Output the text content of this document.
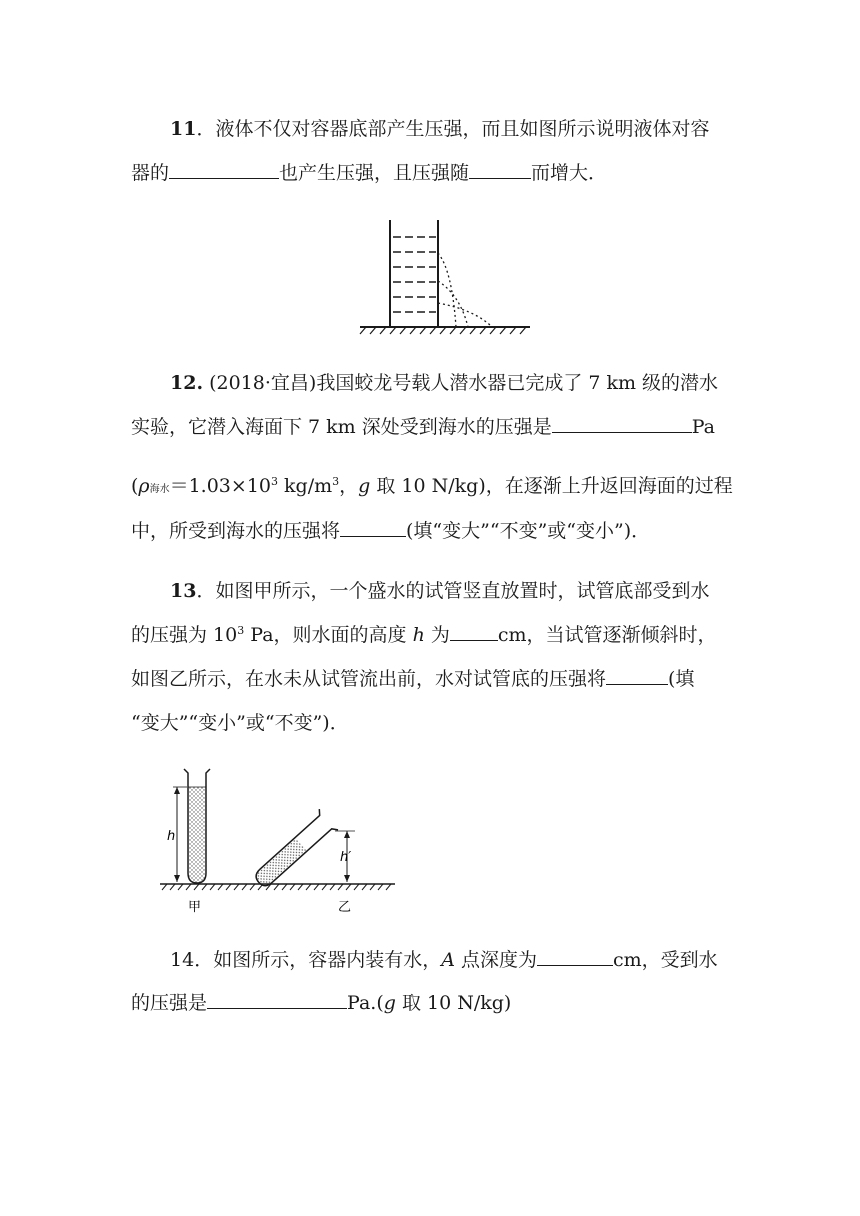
11．液体不仅对容器底部产生压强，而且如图所示说明液体对容
器的	也产生压强，且压强随	而增大．
12. (2018·宜昌)我国蛟龙号载人潜水器已完成了 7 km 级的潜水
实验，它潜入海面下 7 km 深处受到海水的压强是	Pa
(ρ海水$=1.03\times 10^3$ $kg/m^3$，g 取 10 N/kg)，在逐渐上升返回海面的过程
中，所受到海水的压强将	(填“变大”“不变”或“变小”)．
13．如图甲所示，一个盛水的试管竖直放置时，试管底部受到水
的压强为 $10^3$ Pa，则水面的高度 h 为	cm，当试管逐渐倾斜时，
如图乙所示，在水未从试管流出前，水对试管底的压强将	(填
“变大”“变小”或“不变”)．
h
h′
甲	乙
14．如图所示，容器内装有水，A 点深度为	cm，受到水
的压强是	Pa.(g 取 10 N/kg)
